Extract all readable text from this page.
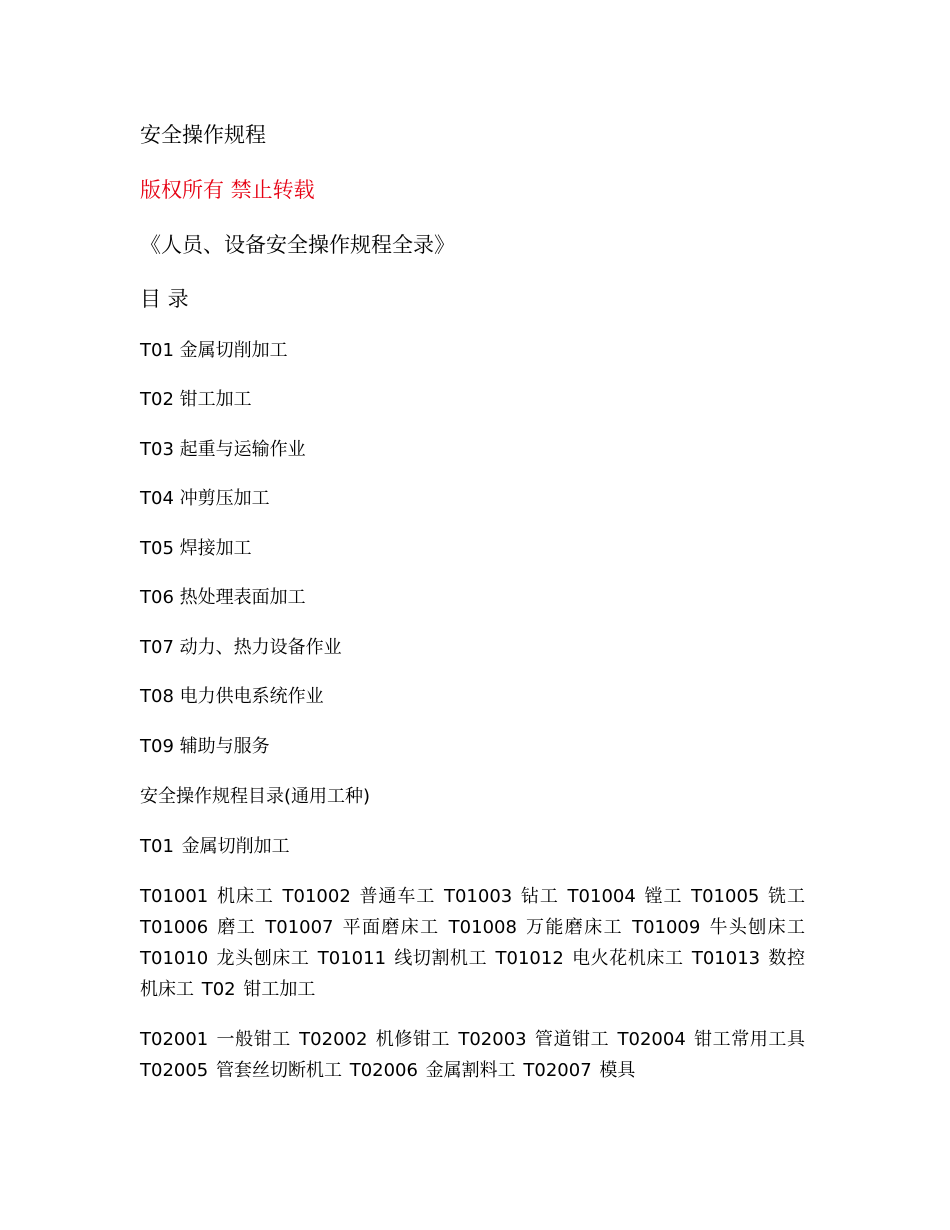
安全操作规程
版权所有 禁止转载
《人员、设备安全操作规程全录》
目 录
T01 金属切削加工
T02 钳工加工
T03 起重与运输作业
T04 冲剪压加工
T05 焊接加工
T06 热处理表面加工
T07 动力、热力设备作业
T08 电力供电系统作业
T09 辅助与服务
安全操作规程目录(通用工种)
T01 金属切削加工
T01001 机床工 T01002 普通车工 T01003 钻工 T01004 镗工 T01005 铣工 T01006 磨工 T01007 平面磨床工 T01008 万能磨床工 T01009 牛头刨床工 T01010 龙头刨床工 T01011 线切割机工 T01012 电火花机床工 T01013 数控机床工 T02 钳工加工
T02001 一般钳工 T02002 机修钳工 T02003 管道钳工 T02004 钳工常用工具 T02005 管套丝切断机工 T02006 金属割料工 T02007 模具
